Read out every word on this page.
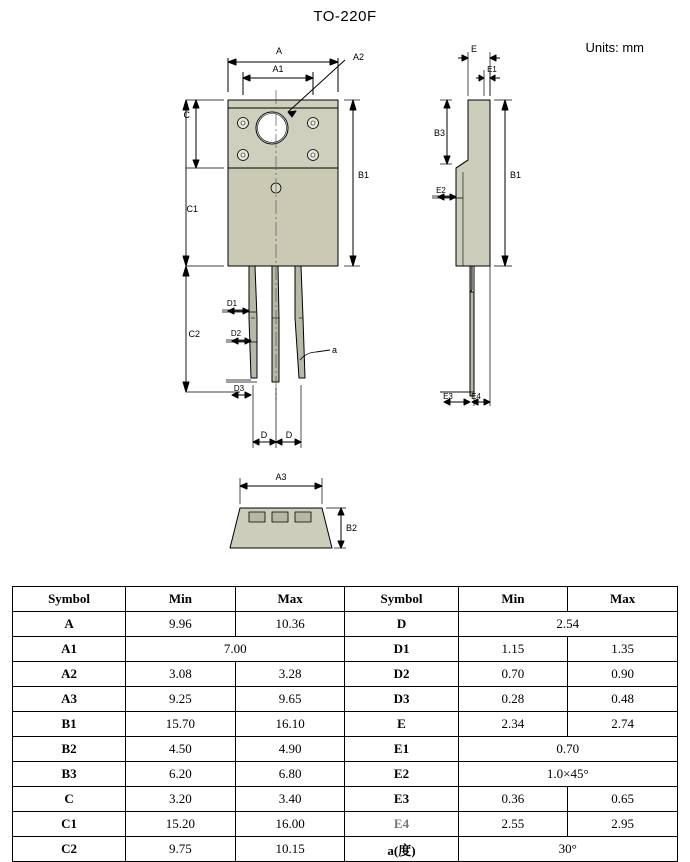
TO-220F
Units: mm
A
A1
A2
C
C1
C2
B1
D1
D2
D3
D D
a
E
E1
B3
B1
E2
E3 E4
A3
B2
Symbol	Min	Max	Symbol	Min	Max
A	9.96	10.36	D	2.54	
A1	7.00		D1	1.15	1.35
A2	3.08	3.28	D2	0.70	0.90
A3	9.25	9.65	D3	0.28	0.48
B1	15.70	16.10	E	2.34	2.74
B2	4.50	4.90	E1	0.70	
B3	6.20	6.80	E2	1.0×45°	
C	3.20	3.40	E3	0.36	0.65
C1	15.20	16.00	E4	2.55	2.95
C2	9.75	10.15	a(度)	30°	
